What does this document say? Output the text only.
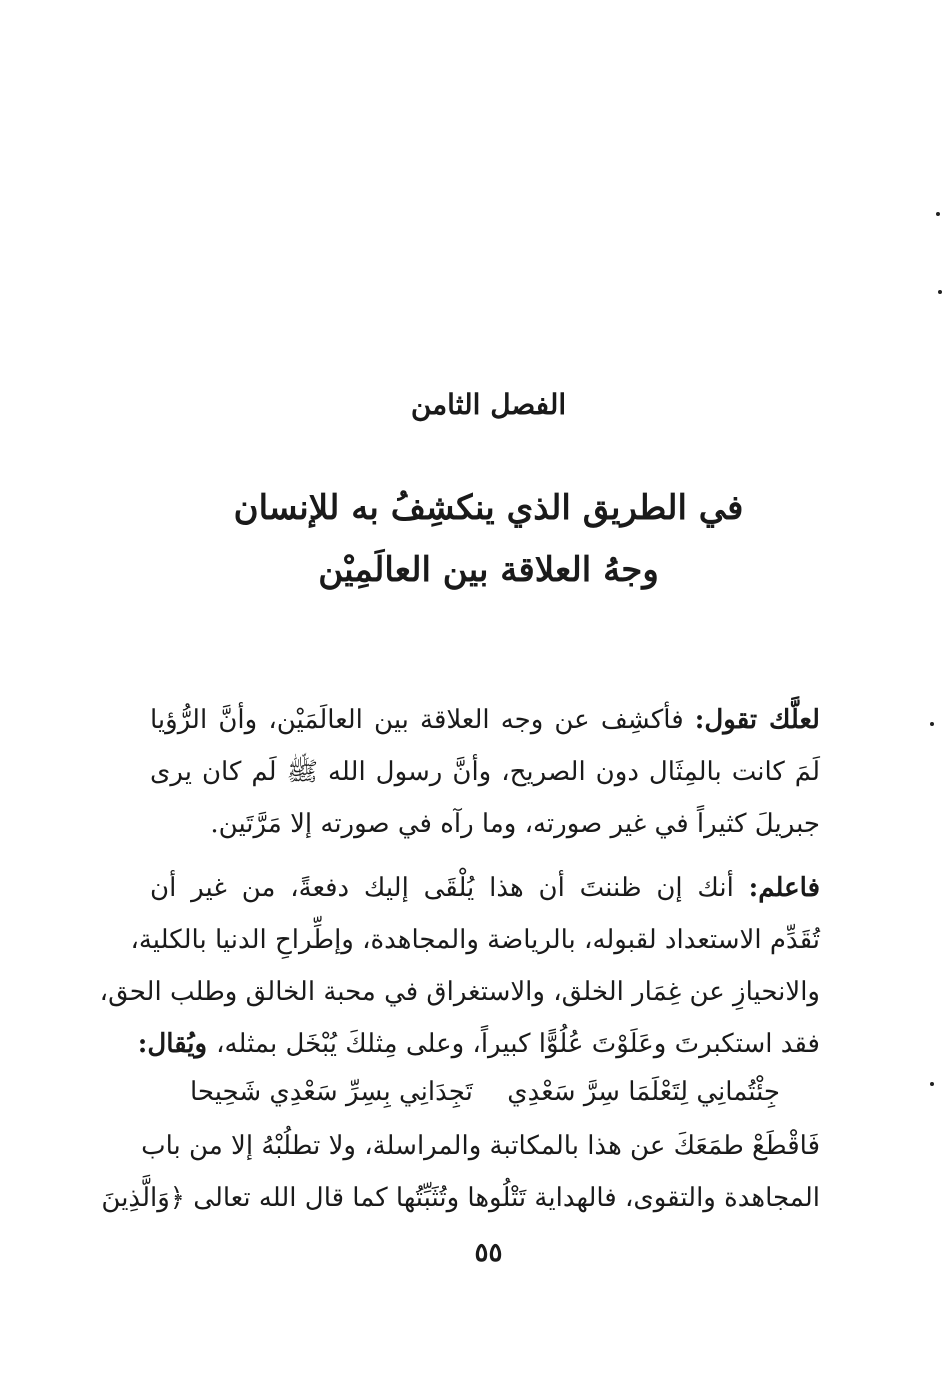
الفصل الثامن
في الطريق الذي ينكشِفُ به للإنسان
وجهُ العلاقة بين العالَمِيْن
لعلَّك تقول: فأكشِف عن وجه العلاقة بين العالَمَيْن، وأنَّ الرُّؤيا
لَمَ كانت بالمِثَال دون الصريح، وأنَّ رسول الله ﷺ لَم كان يرى
جبريلَ كثيراً في غير صورته، وما رآه في صورته إلا مَرَّتَين.
فاعلم: أنك إن ظننتَ أن هذا يُلْقَى إليك دفعةً، من غير أن
تُقَدِّم الاستعداد لقبوله، بالرياضة والمجاهدة، وإطِّراحِ الدنيا بالكلية،
والانحيازِ عن غِمَار الخلق، والاستغراق في محبة الخالق وطلب الحق،
فقد استكبرتَ وعَلَوْتَ عُلُوًّا كبيراً، وعلى مِثلكَ يُبْخَل بمثله، ويُقال:
جِئْتُمانِي لِتَعْلَمَا سِرَّ سَعْدِي
تَجِدَانِي بِسِرِّ سَعْدِي شَحِيحا
فَاقْطَعْ طمَعَكَ عن هذا بالمكاتبة والمراسلة، ولا تطلُبْهُ إلا من باب
المجاهدة والتقوى، فالهداية تَتْلُوها وتُثَبِّتُها كما قال الله تعالى ﴿وَالَّذِينَ
٥٥
